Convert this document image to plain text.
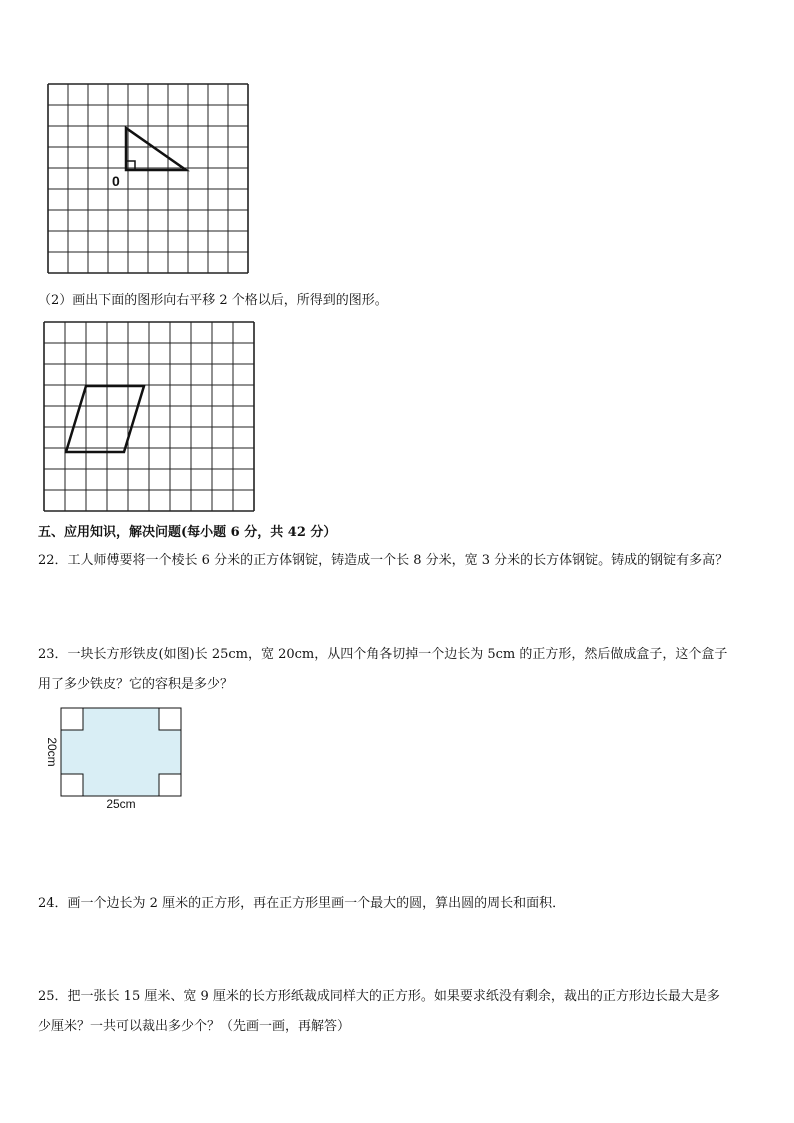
0
（2）画出下面的图形向右平移 2 个格以后，所得到的图形。
五、应用知识，解决问题(每小题 6 分，共 42 分）
22．工人师傅要将一个棱长 6 分米的正方体钢锭，铸造成一个长 8 分米，宽 3 分米的长方体钢锭。铸成的钢锭有多高？
23．一块长方形铁皮(如图)长 25cm，宽 20cm，从四个角各切掉一个边长为 5cm 的正方形，然后做成盒子，这个盒子
用了多少铁皮？它的容积是多少？
25cm
20cm
24．画一个边长为 2 厘米的正方形，再在正方形里画一个最大的圆，算出圆的周长和面积．
25．把一张长 15 厘米、宽 9 厘米的长方形纸裁成同样大的正方形。如果要求纸没有剩余，裁出的正方形边长最大是多
少厘米？一共可以裁出多少个？（先画一画，再解答）
